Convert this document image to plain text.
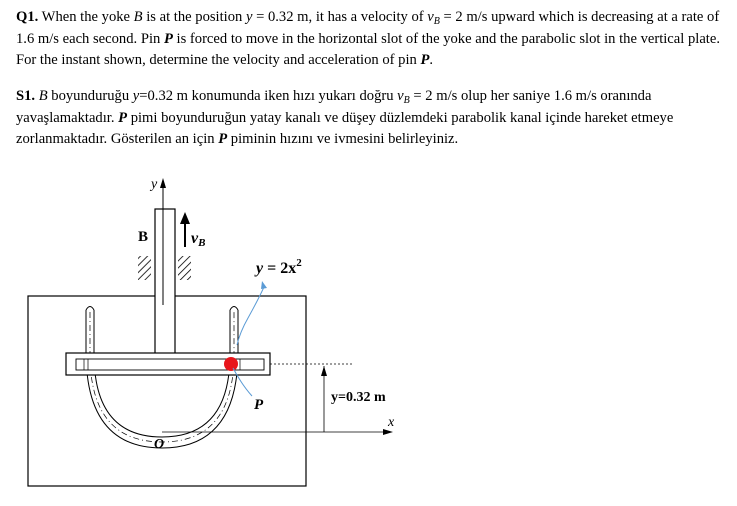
Q1. When the yoke B is at the position y = 0.32 m, it has a velocity of $v_B = 2$ m/s upward which is decreasing at a rate of 1.6 m/s each second. Pin P is forced to move in the horizontal slot of the yoke and the parabolic slot in the vertical plate. For the instant shown, determine the velocity and acceleration of pin P.
S1. B boyunduruğu y=0.32 m konumunda iken hızı yukarı doğru $v_B = 2$ m/s olup her saniye 1.6 m/s oranında yavaşlamaktadır. P pimi boyunduruğun yatay kanalı ve düşey düzlemdeki parabolik kanal içinde hareket etmeye zorlanmaktadır. Gösterilen an için P piminin hızını ve ivmesini belirleyiniz.
y
B	vB
$y = 2x^2$
P
x
y=0.32 m
O
